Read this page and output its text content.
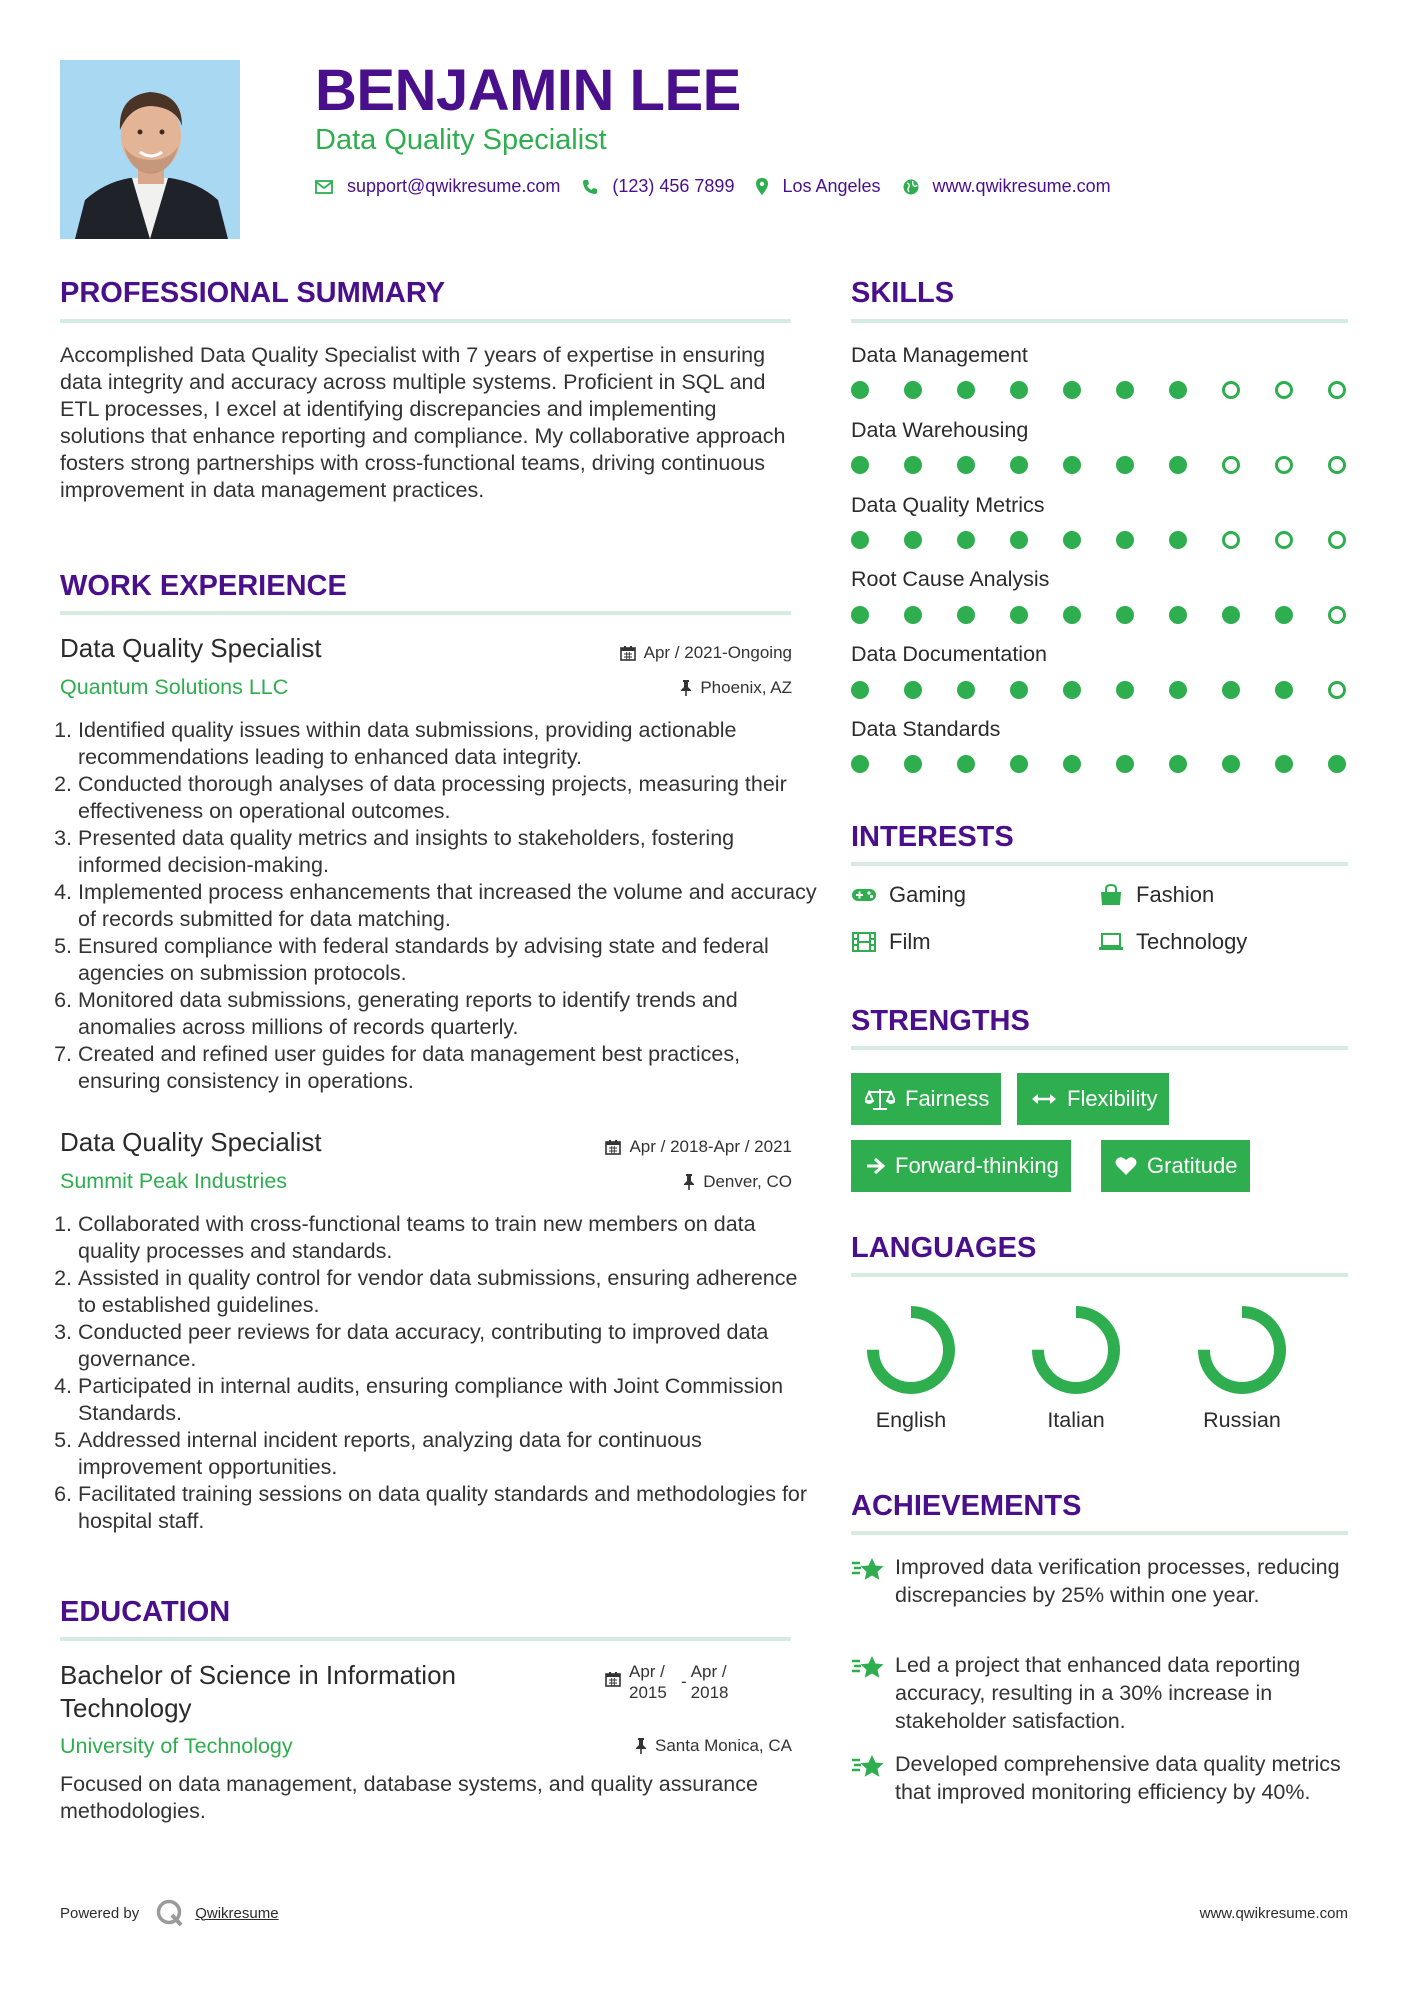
BENJAMIN LEE
Data Quality Specialist
support@qwikresume.com	(123) 456 7899	Los Angeles	www.qwikresume.com
PROFESSIONAL SUMMARY
Accomplished Data Quality Specialist with 7 years of expertise in ensuring data integrity and accuracy across multiple systems. Proficient in SQL and ETL processes, I excel at identifying discrepancies and implementing solutions that enhance reporting and compliance. My collaborative approach fosters strong partnerships with cross-functional teams, driving continuous improvement in data management practices.
WORK EXPERIENCE
Data Quality Specialist
Quantum Solutions LLC
Apr / 2021-Ongoing
Phoenix, AZ
1. Identified quality issues within data submissions, providing actionable recommendations leading to enhanced data integrity.
2. Conducted thorough analyses of data processing projects, measuring their effectiveness on operational outcomes.
3. Presented data quality metrics and insights to stakeholders, fostering informed decision-making.
4. Implemented process enhancements that increased the volume and accuracy of records submitted for data matching.
5. Ensured compliance with federal standards by advising state and federal agencies on submission protocols.
6. Monitored data submissions, generating reports to identify trends and anomalies across millions of records quarterly.
7. Created and refined user guides for data management best practices, ensuring consistency in operations.
Data Quality Specialist
Summit Peak Industries
Apr / 2018-Apr / 2021
Denver, CO
1. Collaborated with cross-functional teams to train new members on data quality processes and standards.
2. Assisted in quality control for vendor data submissions, ensuring adherence to established guidelines.
3. Conducted peer reviews for data accuracy, contributing to improved data governance.
4. Participated in internal audits, ensuring compliance with Joint Commission Standards.
5. Addressed internal incident reports, analyzing data for continuous improvement opportunities.
6. Facilitated training sessions on data quality standards and methodologies for hospital staff.
EDUCATION
Bachelor of Science in Information Technology
Apr / 2015
-
Apr / 2018
University of Technology	Santa Monica, CA
Focused on data management, database systems, and quality assurance methodologies.
SKILLS
Data Management
Data Warehousing
Data Quality Metrics
Root Cause Analysis
Data Documentation
Data Standards
INTERESTS
Gaming	Fashion
Film	Technology
STRENGTHS
Fairness	Flexibility
Forward-thinking	Gratitude
LANGUAGES
English	Italian	Russian
ACHIEVEMENTS
Improved data verification processes, reducing discrepancies by 25% within one year.
Led a project that enhanced data reporting accuracy, resulting in a 30% increase in stakeholder satisfaction.
Developed comprehensive data quality metrics that improved monitoring efficiency by 40%.
Powered by	Qwikresume	www.qwikresume.com
